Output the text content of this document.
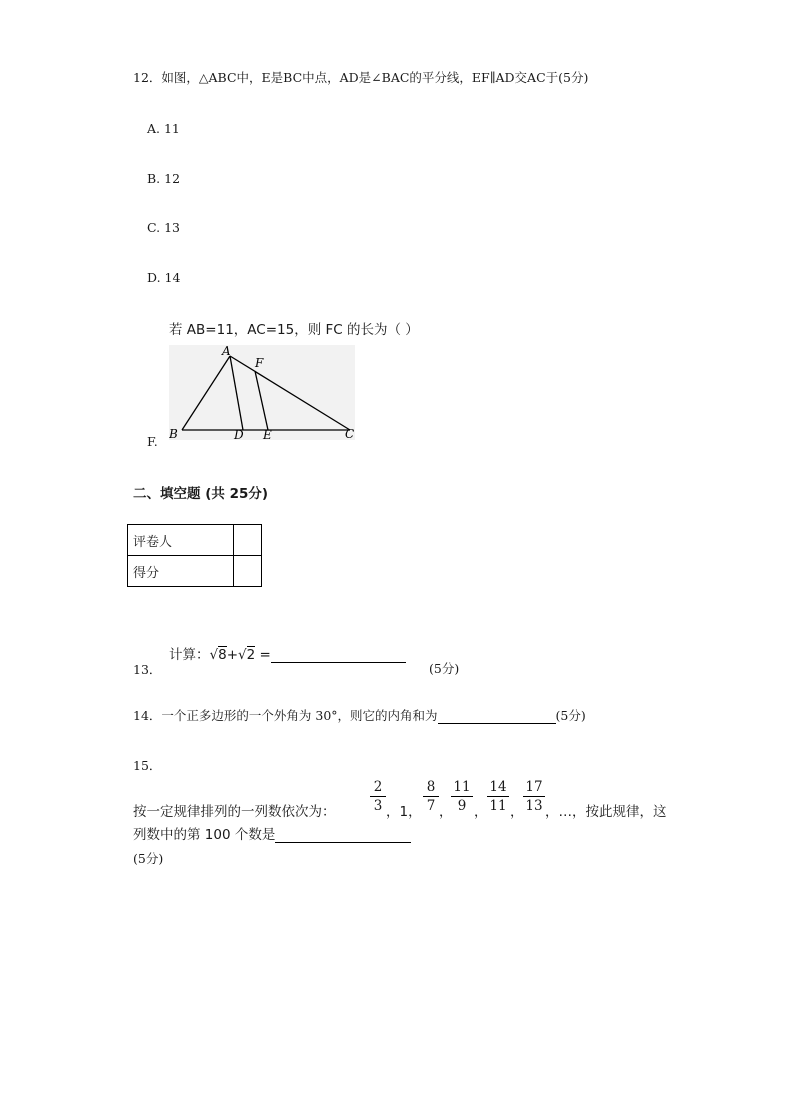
12．如图，△ABC中，E是BC中点，AD是∠BAC的平分线，EF∥AD交AC于(5分)
A. 11
B. 12
C. 13
D. 14
若 AB=11，AC=15，则 FC 的长为（ ）
A
F
B	D E	C
F.
二、填空题 (共 25分)
评卷人	
得分	
计算：√8+√2 =
13．	(5分)
14．一个正多边形的一个外角为 30°，则它的内角和为	(5分)
15．
2
3
8
7
11
9
14
11
17
13
按一定规律排列的一列数依次为：	，1， ， ， ， ，…，按此规律，这
列数中的第 100 个数是
(5分)
